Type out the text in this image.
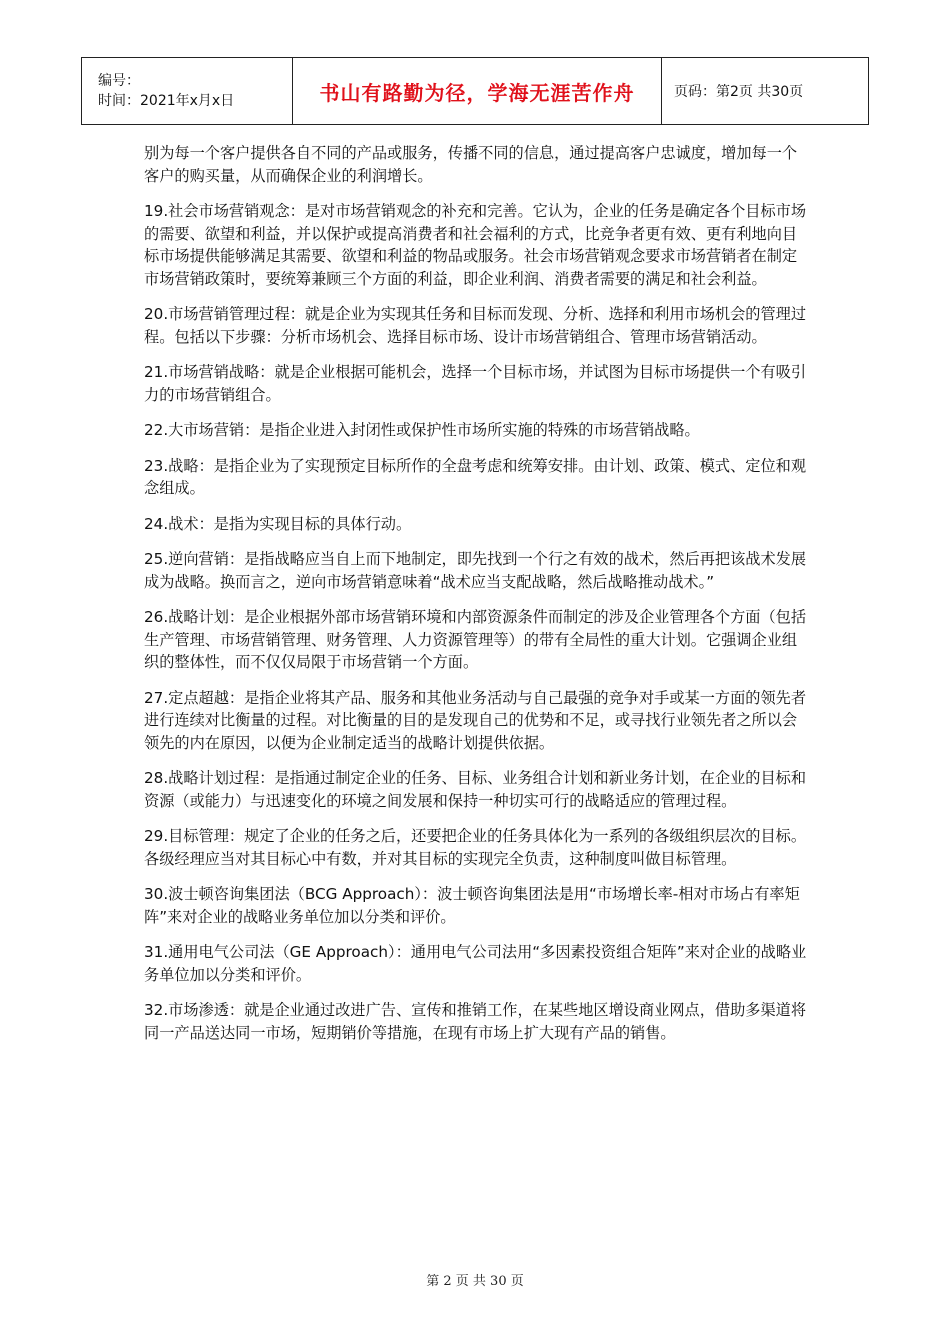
编号：
时间：2021年x月x日	书山有路勤为径，学海无涯苦作舟	页码：第2页 共30页

别为每一个客户提供各自不同的产品或服务，传播不同的信息，通过提高客户忠诚度，增加每一个客户的购买量，从而确保企业的利润增长。

19.社会市场营销观念：是对市场营销观念的补充和完善。它认为，企业的任务是确定各个目标市场的需要、欲望和利益，并以保护或提高消费者和社会福利的方式，比竞争者更有效、更有利地向目标市场提供能够满足其需要、欲望和利益的物品或服务。社会市场营销观念要求市场营销者在制定市场营销政策时，要统筹兼顾三个方面的利益，即企业利润、消费者需要的满足和社会利益。

20.市场营销管理过程：就是企业为实现其任务和目标而发现、分析、选择和利用市场机会的管理过程。包括以下步骤：分析市场机会、选择目标市场、设计市场营销组合、管理市场营销活动。

21.市场营销战略：就是企业根据可能机会，选择一个目标市场，并试图为目标市场提供一个有吸引力的市场营销组合。

22.大市场营销：是指企业进入封闭性或保护性市场所实施的特殊的市场营销战略。

23.战略：是指企业为了实现预定目标所作的全盘考虑和统筹安排。由计划、政策、模式、定位和观念组成。

24.战术：是指为实现目标的具体行动。

25.逆向营销：是指战略应当自上而下地制定，即先找到一个行之有效的战术，然后再把该战术发展成为战略。换而言之，逆向市场营销意味着“战术应当支配战略，然后战略推动战术。”

26.战略计划：是企业根据外部市场营销环境和内部资源条件而制定的涉及企业管理各个方面（包括生产管理、市场营销管理、财务管理、人力资源管理等）的带有全局性的重大计划。它强调企业组织的整体性，而不仅仅局限于市场营销一个方面。

27.定点超越：是指企业将其产品、服务和其他业务活动与自己最强的竞争对手或某一方面的领先者进行连续对比衡量的过程。对比衡量的目的是发现自己的优势和不足，或寻找行业领先者之所以会领先的内在原因，以便为企业制定适当的战略计划提供依据。

28.战略计划过程：是指通过制定企业的任务、目标、业务组合计划和新业务计划，在企业的目标和资源（或能力）与迅速变化的环境之间发展和保持一种切实可行的战略适应的管理过程。

29.目标管理：规定了企业的任务之后，还要把企业的任务具体化为一系列的各级组织层次的目标。各级经理应当对其目标心中有数，并对其目标的实现完全负责，这种制度叫做目标管理。

30.波士顿咨询集团法（BCG Approach）：波士顿咨询集团法是用“市场增长率-相对市场占有率矩阵”来对企业的战略业务单位加以分类和评价。

31.通用电气公司法（GE Approach）：通用电气公司法用“多因素投资组合矩阵”来对企业的战略业务单位加以分类和评价。

32.市场渗透：就是企业通过改进广告、宣传和推销工作，在某些地区增设商业网点，借助多渠道将同一产品送达同一市场，短期销价等措施，在现有市场上扩大现有产品的销售。

第 2 页 共 30 页
